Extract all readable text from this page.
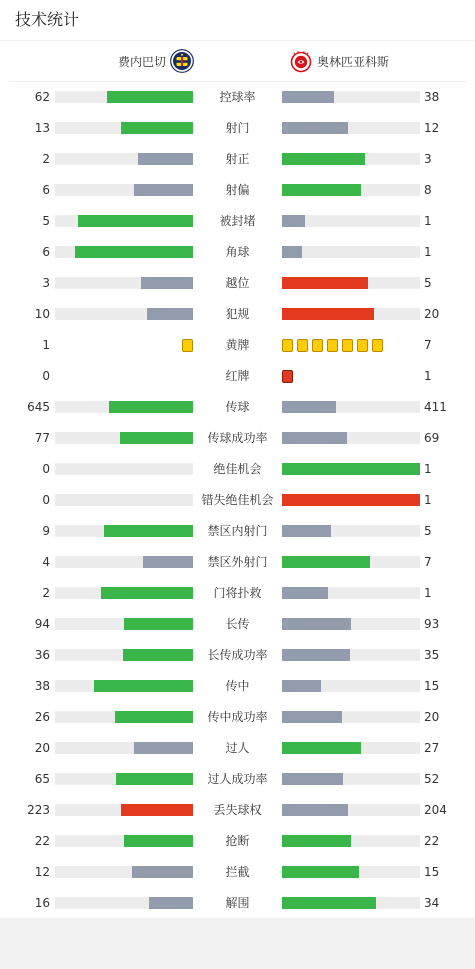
技术统计
费内巴切	奥林匹亚科斯
62	控球率	38
13	射门	12
2	射正	3
6	射偏	8
5	被封堵	1
6	角球	1
3	越位	5
10	犯规	20
1	黄牌	7
0	红牌	1
645	传球	411
77	传球成功率	69
0	绝佳机会	1
0	错失绝佳机会	1
9	禁区内射门	5
4	禁区外射门	7
2	门将扑救	1
94	长传	93
36	长传成功率	35
38	传中	15
26	传中成功率	20
20	过人	27
65	过人成功率	52
223	丢失球权	204
22	抢断	22
12	拦截	15
16	解围	34
